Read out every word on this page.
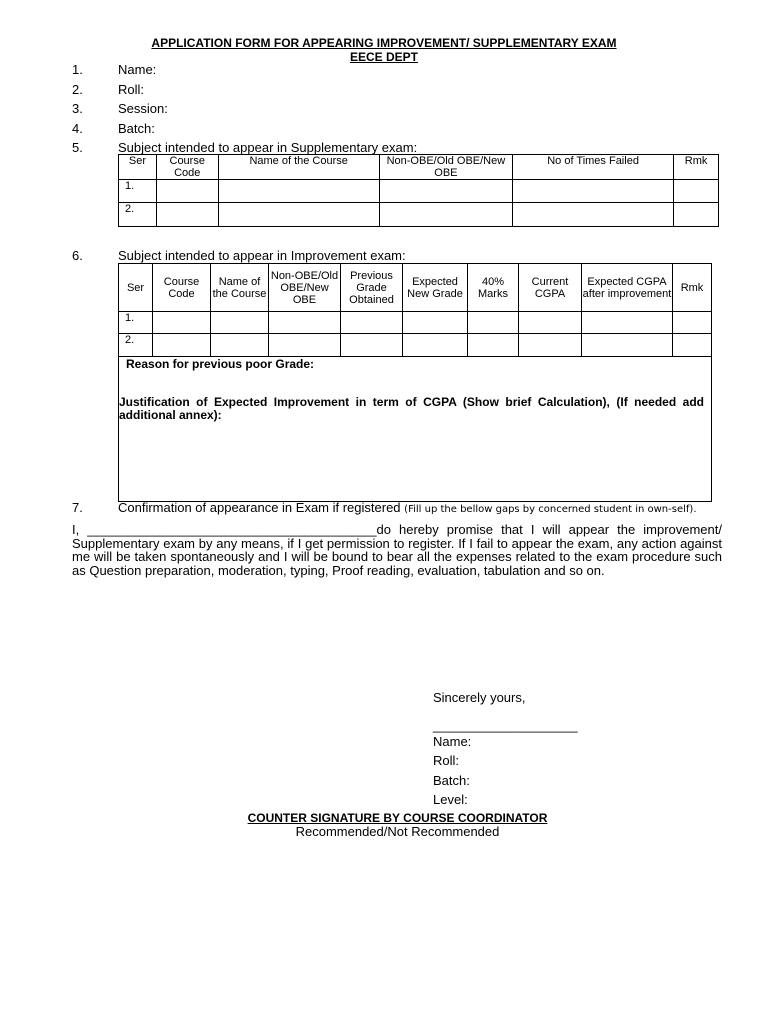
APPLICATION FORM FOR APPEARING IMPROVEMENT/ SUPPLEMENTARY EXAM
EECE DEPT
1.	Name:
2.	Roll:
3.	Session:
4.	Batch:
5.	Subject intended to appear in Supplementary exam:
Ser	Course Code	Name of the Course	Non-OBE/Old OBE/New OBE	No of Times Failed	Rmk
1.					
2.					
6.	Subject intended to appear in Improvement exam:
Ser	Course Code	Name of the Course	Non-OBE/Old OBE/New OBE	Previous Grade Obtained	Expected New Grade	40% Marks	Current CGPA	Expected CGPA after improvement	Rmk
1.									
2.									
Reason for previous poor Grade:
Justification of Expected Improvement in term of CGPA (Show brief Calculation), (If needed add additional annex):
7.	Confirmation of appearance in Exam if registered (Fill up the bellow gaps by concerned student in own-self).
I, ________________________________________do hereby promise that I will appear the improvement/ Supplementary exam by any means, if I get permission to register. If I fail to appear the exam, any action against me will be taken spontaneously and I will be bound to bear all the expenses related to the exam procedure such as Question preparation, moderation, typing, Proof reading, evaluation, tabulation and so on.
Sincerely yours,
____________________
Name:
Roll:
Batch:
Level:
COUNTER SIGNATURE BY COURSE COORDINATOR
Recommended/Not Recommended
